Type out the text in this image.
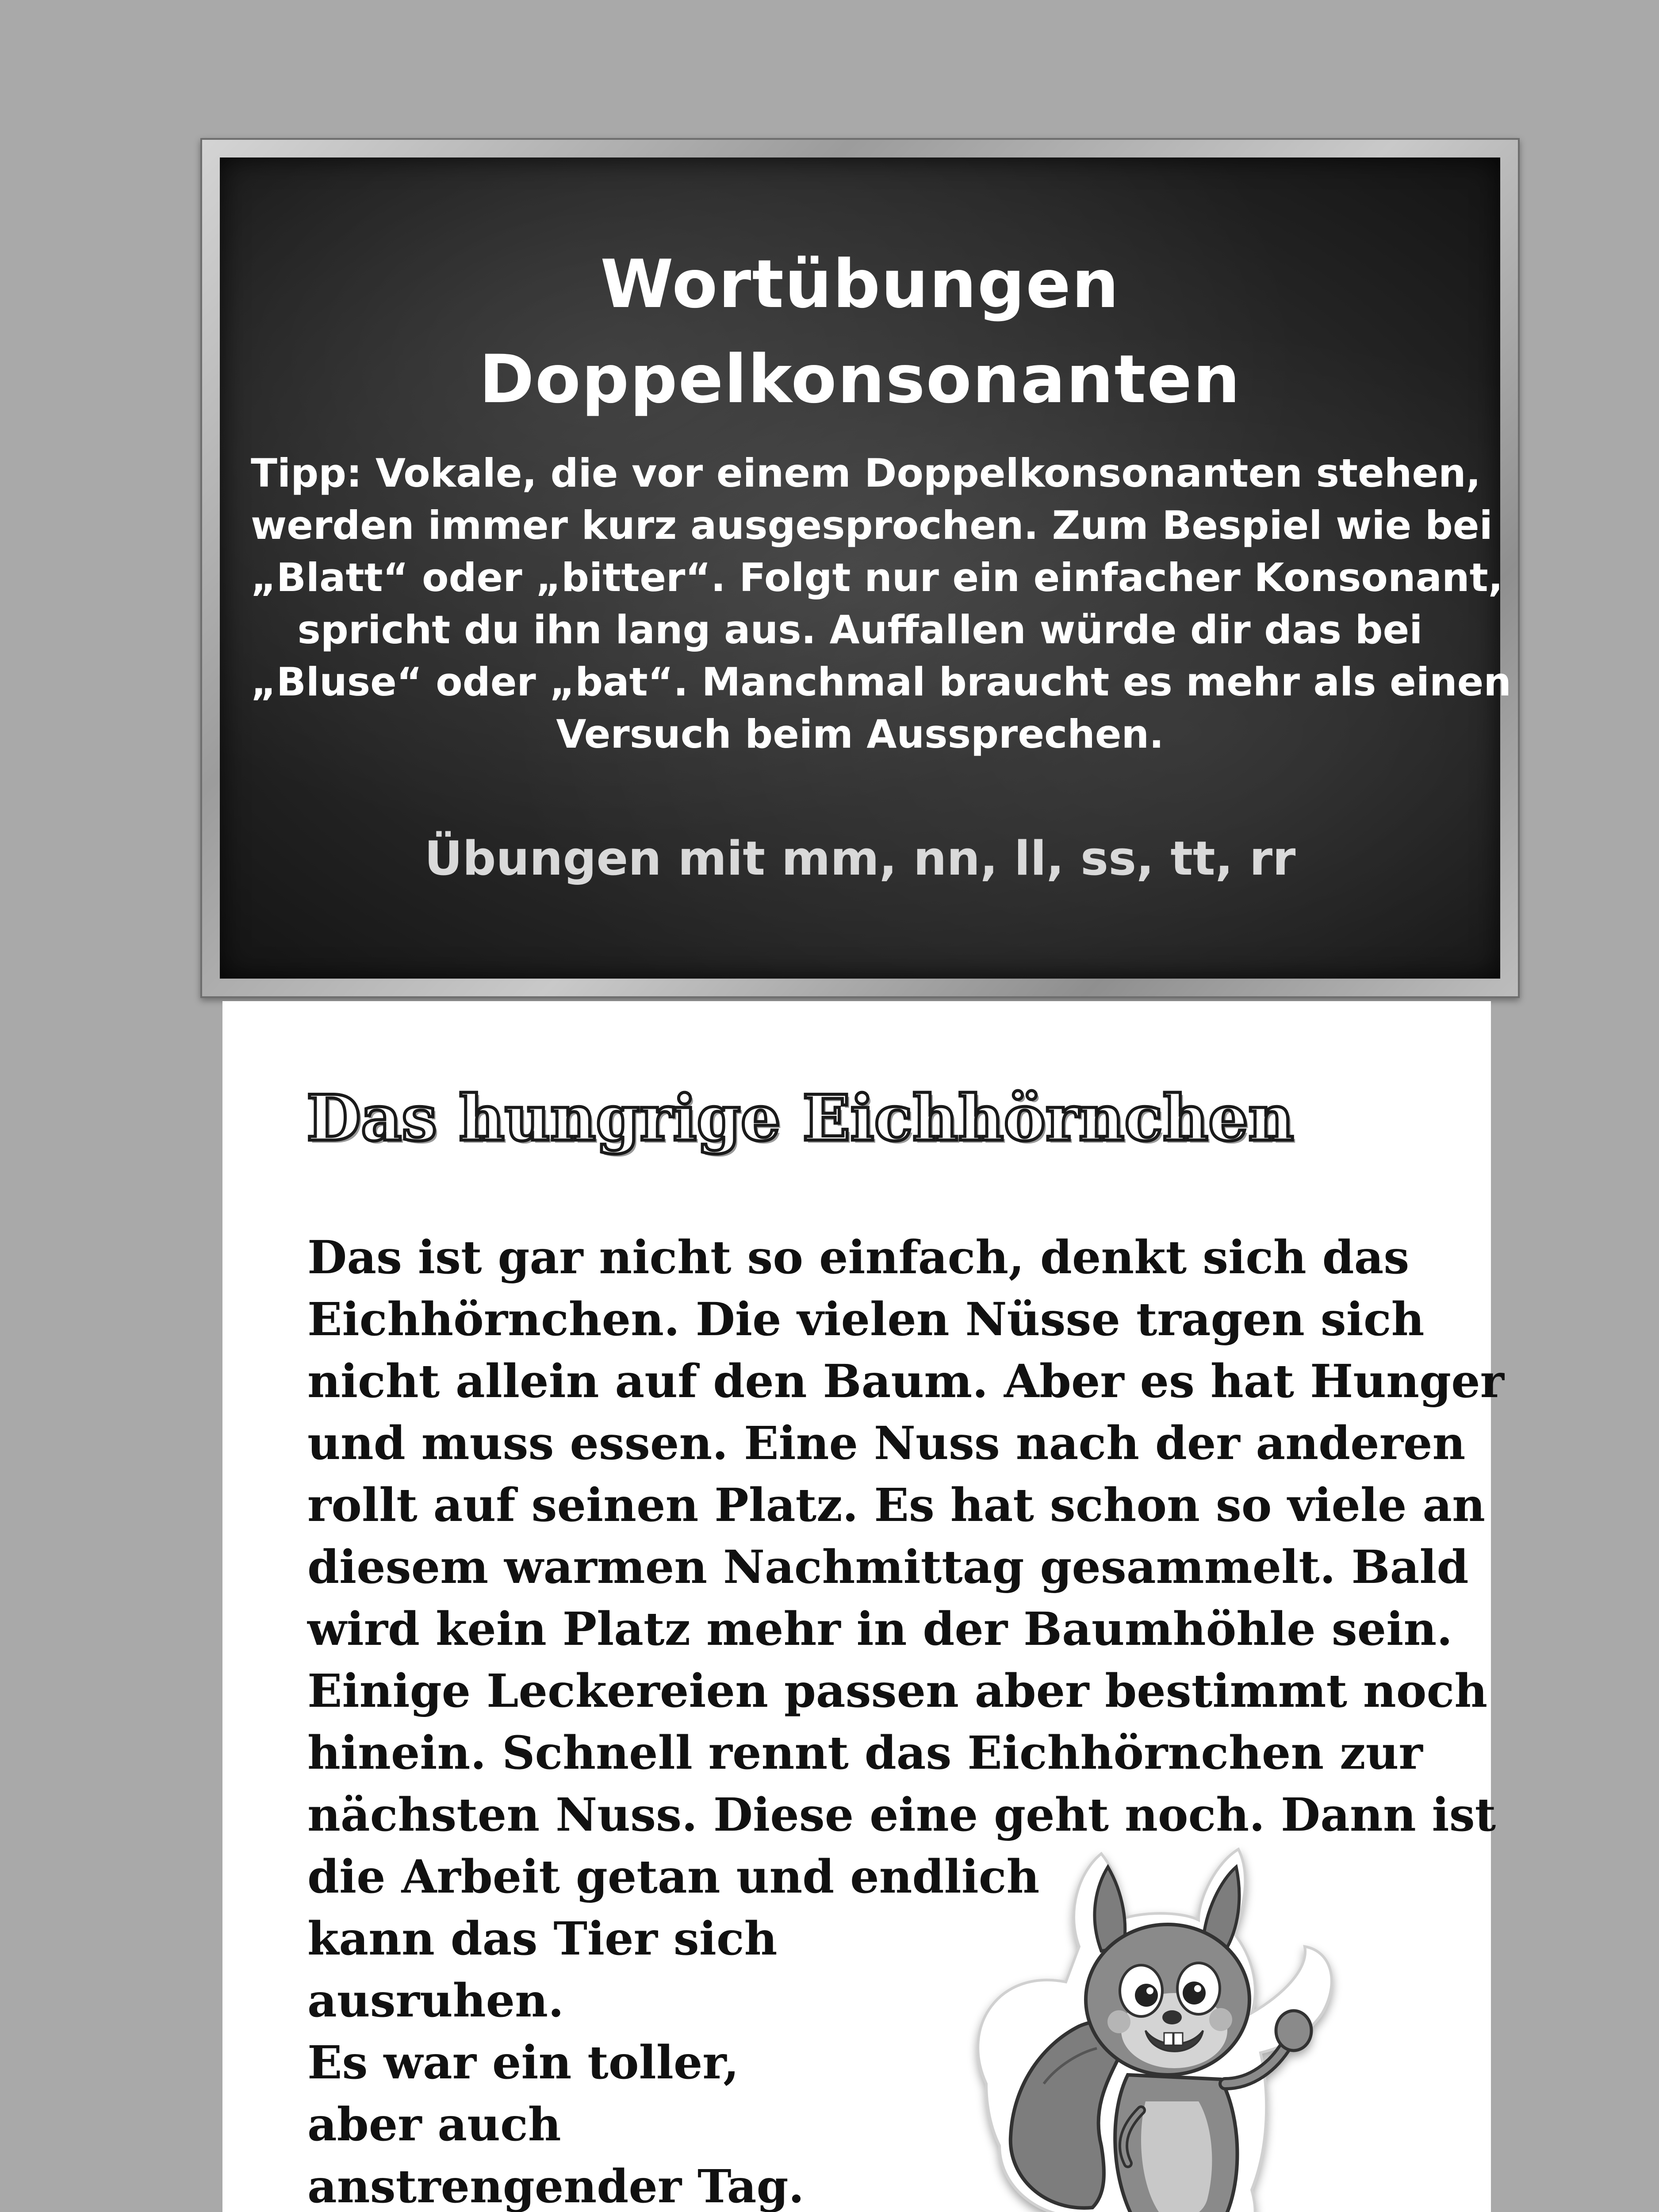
Wortübungen
Doppelkonsonanten
Tipp: Vokale, die vor einem Doppelkonsonanten stehen,
werden immer kurz ausgesprochen. Zum Bespiel wie bei
„Blatt“ oder „bitter“. Folgt nur ein einfacher Konsonant,
spricht du ihn lang aus. Auffallen würde dir das bei
„Bluse“ oder „bat“. Manchmal braucht es mehr als einen
Versuch beim Aussprechen.
Übungen mit mm, nn, ll, ss, tt, rr
Das hungrige Eichhörnchen
Das ist gar nicht so einfach, denkt sich das
Eichhörnchen. Die vielen Nüsse tragen sich
nicht allein auf den Baum. Aber es hat Hunger
und muss essen. Eine Nuss nach der anderen
rollt auf seinen Platz. Es hat schon so viele an
diesem warmen Nachmittag gesammelt. Bald
wird kein Platz mehr in der Baumhöhle sein.
Einige Leckereien passen aber bestimmt noch
hinein. Schnell rennt das Eichhörnchen zur
nächsten Nuss. Diese eine geht noch. Dann ist
die Arbeit getan und endlich
kann das Tier sich
ausruhen.
Es war ein toller,
aber auch
anstrengender Tag.
